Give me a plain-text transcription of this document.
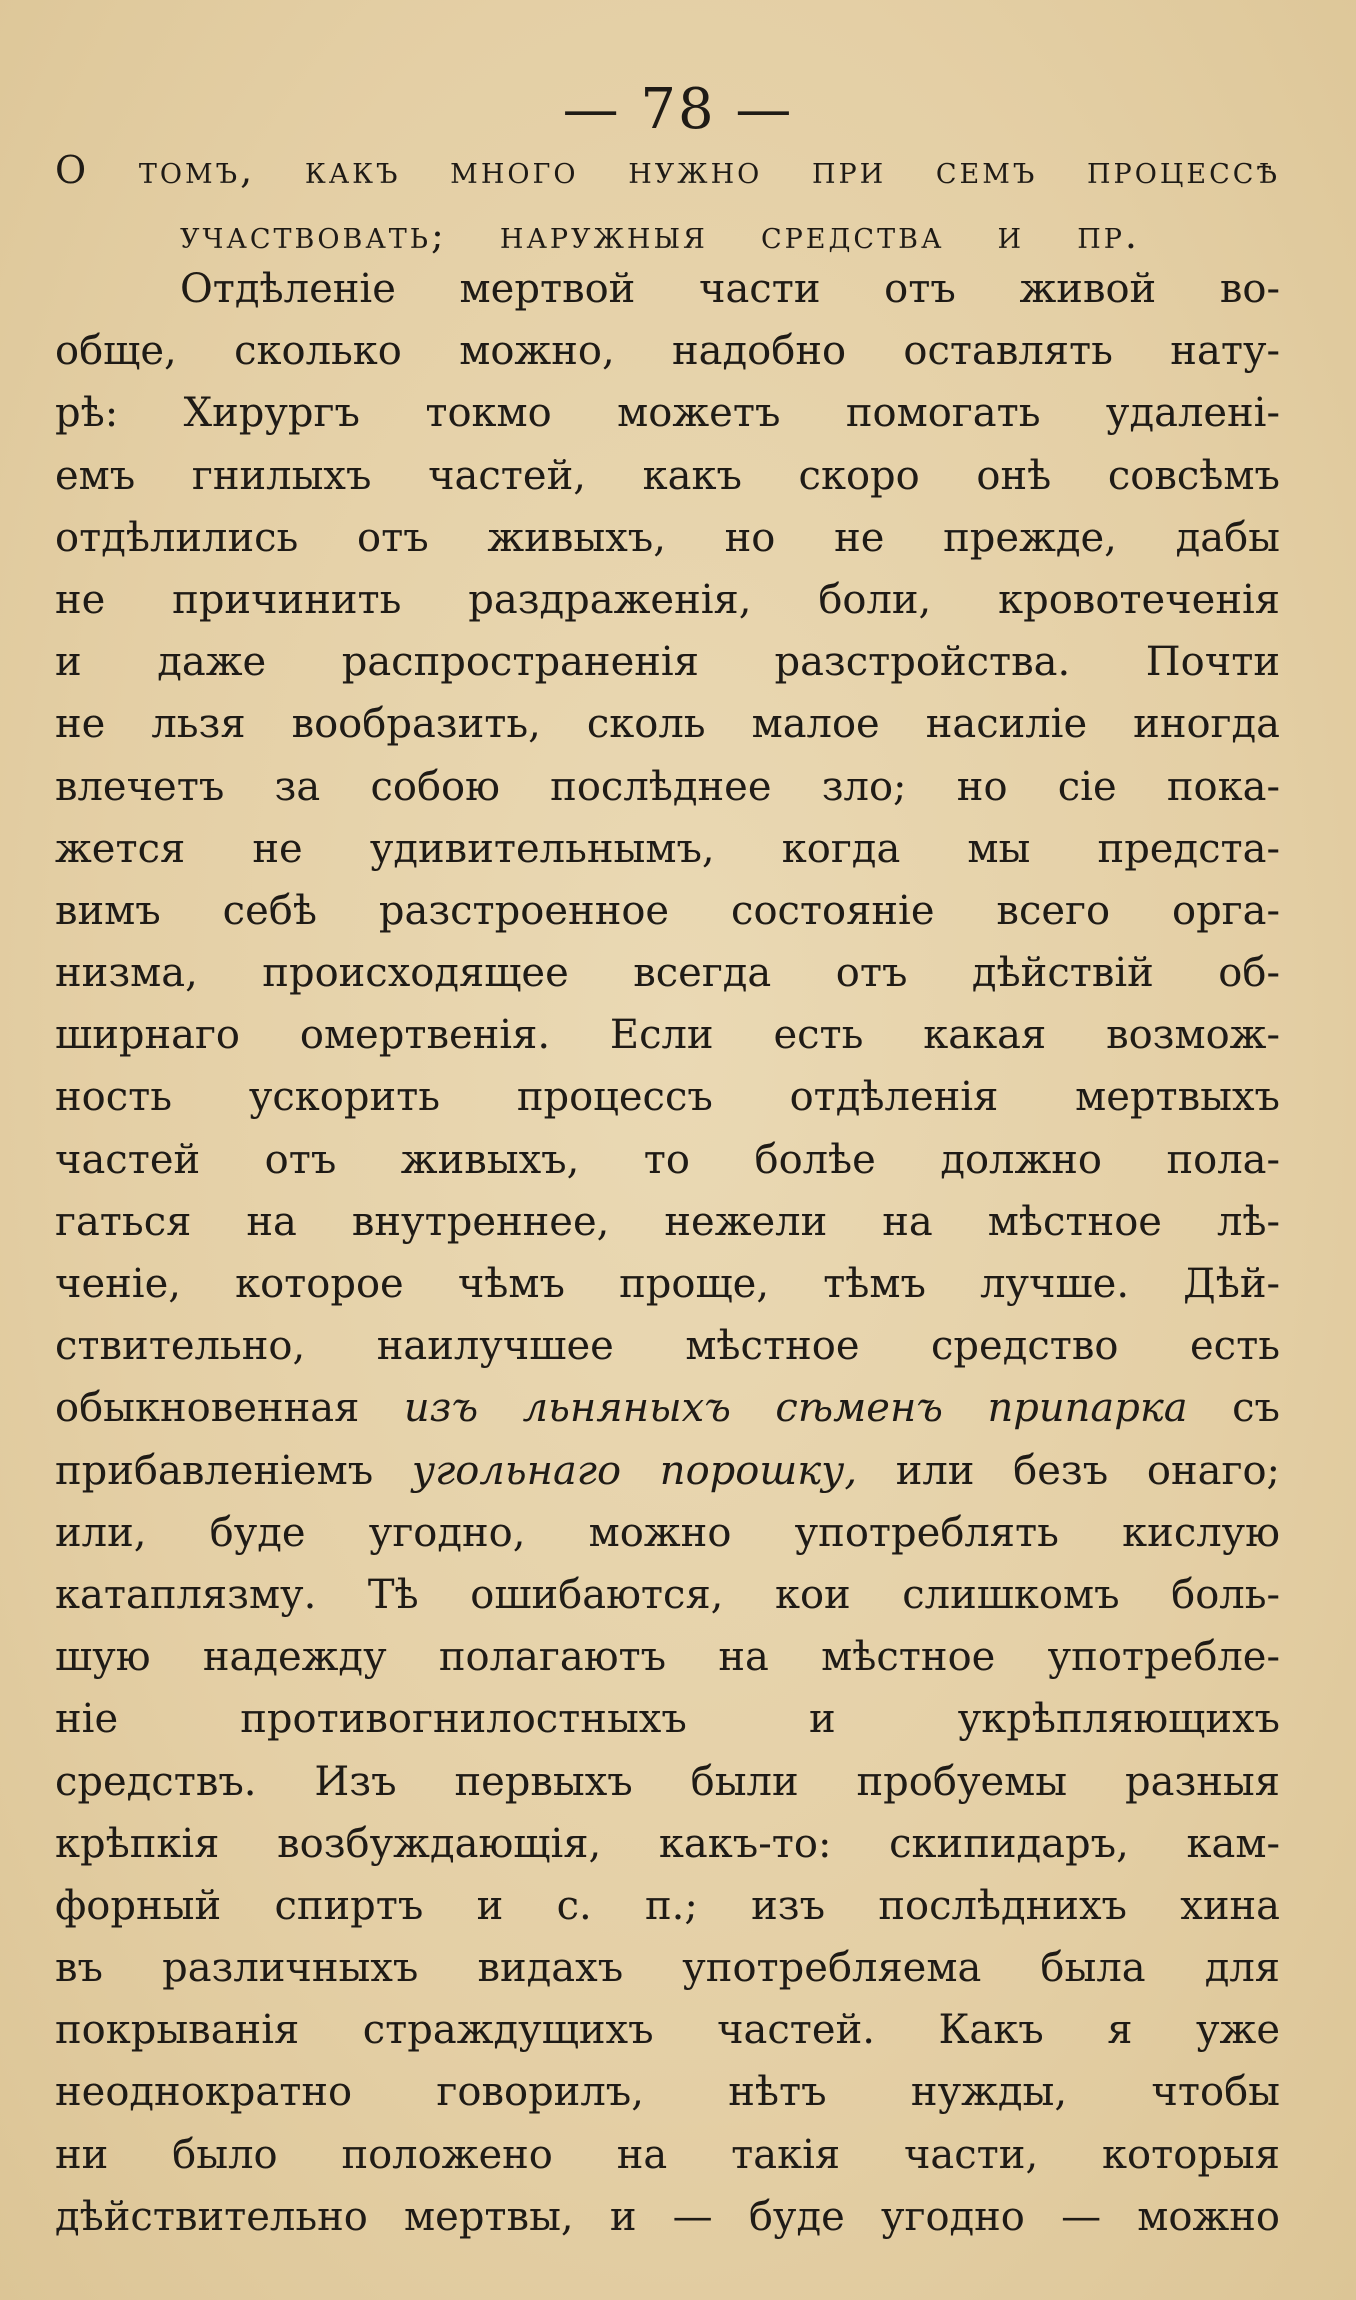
— 78 —
О томъ, какъ много нужно при семъ процессѣ
участвовать; наружныя средства и пр.
Отдѣленіе мертвой части отъ живой во-
обще, сколько можно, надобно оставлять нату-
рѣ: Хирургъ токмо можетъ помогать удаленi-
емъ гнилыхъ частей, какъ скоро онѣ совсѣмъ
отдѣлились отъ живыхъ, но не прежде, дабы
не причинить раздраженiя, боли, кровотеченiя
и даже распространенiя разстройства. Почти
не льзя вообразить, сколь малое насилiе иногда
влечетъ за собою послѣднее зло; но сie пока-
жется не удивительнымъ, когда мы предста-
вимъ себѣ разстроенное состоянiе всего орга-
низма, происходящее всегда отъ дѣйствiй об-
ширнаго омертвенiя. Если есть какая возмож-
ность ускорить процессъ отдѣленiя мертвыхъ
частей отъ живыхъ, то болѣе должно пола-
гаться на внутреннее, нежели на мѣстное лѣ-
ченiе, которое чѣмъ проще, тѣмъ лучше. Дѣй-
ствительно, наилучшее мѣстное средство есть
обыкновенная изъ льняныхъ сѣменъ припарка съ
прибавленiемъ угольнаго порошку, или безъ онаго;
или, буде угодно, можно употреблять кислую
катаплязму. Тѣ ошибаются, кои слишкомъ боль-
шую надежду полагаютъ на мѣстное употребле-
нie противогнилостныхъ и укрѣпляющихъ
средствъ. Изъ первыхъ были пробуемы разныя
крѣпкiя возбуждающiя, какъ-то: скипидаръ, кам-
форный спиртъ и с. п.; изъ послѣднихъ хина
въ различныхъ видахъ употребляема была для
покрыванiя страждущихъ частей. Какъ я уже
неоднократно говорилъ, нѣтъ нужды, чтобы
ни было положено на такiя части, которыя
дѣйствительно мертвы, и — буде угодно — можно
